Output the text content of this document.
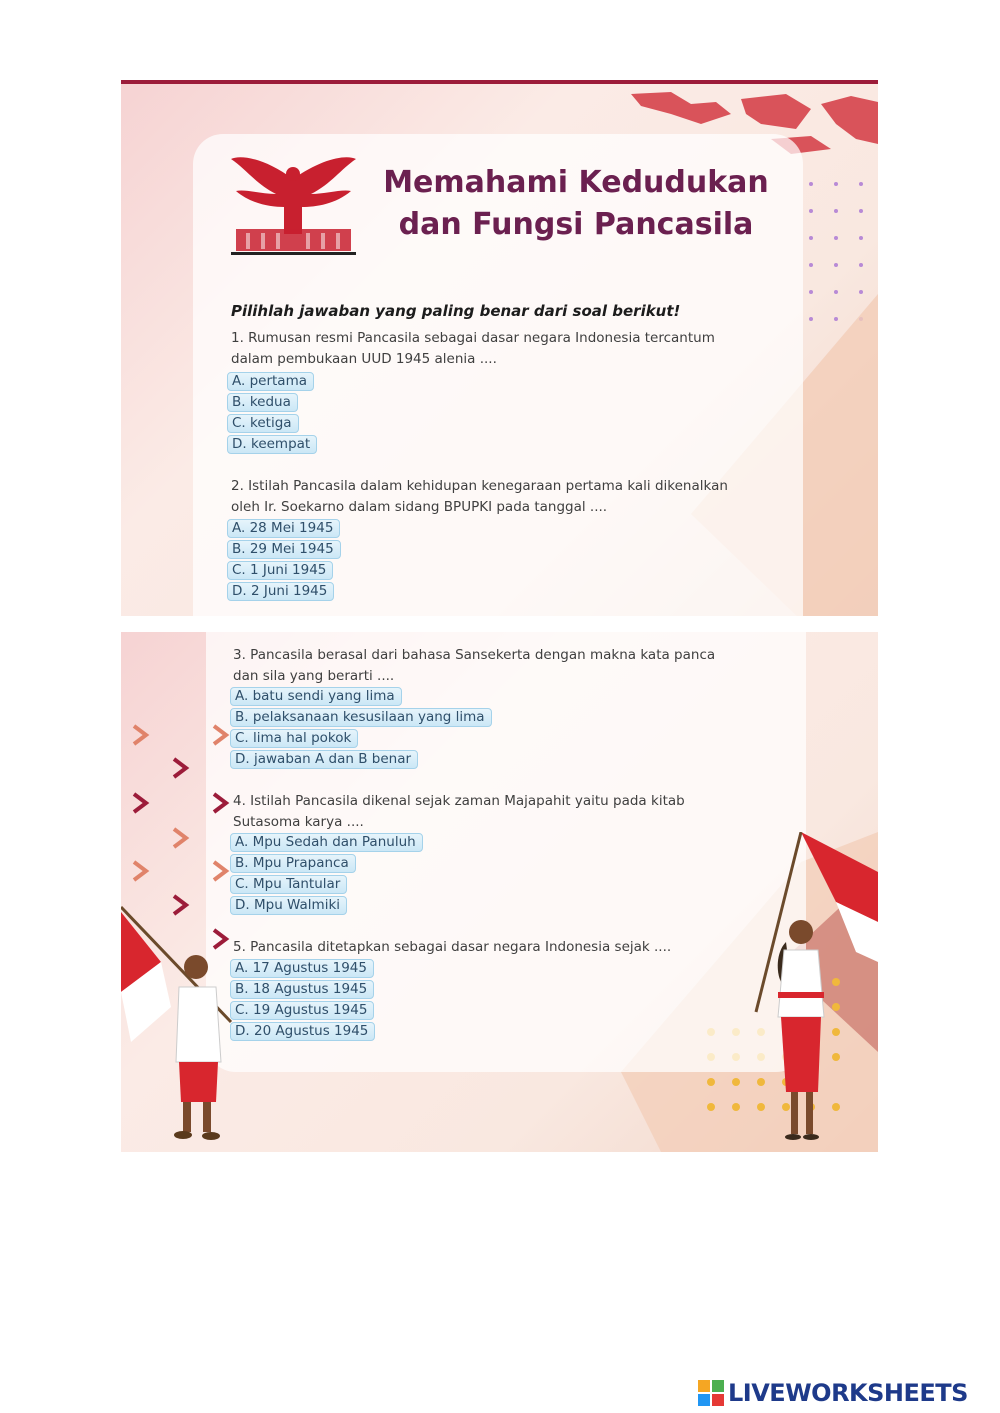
Memahami Kedudukan
dan Fungsi Pancasila
Pilihlah jawaban yang paling benar dari soal berikut!
1. Rumusan resmi Pancasila sebagai dasar negara Indonesia tercantum
dalam pembukaan UUD 1945 alenia ....
A. pertama
B. kedua
C. ketiga
D. keempat
2. Istilah Pancasila dalam kehidupan kenegaraan pertama kali dikenalkan
oleh Ir. Soekarno dalam sidang BPUPKI pada tanggal ....
A. 28 Mei 1945
B. 29 Mei 1945
C. 1 Juni 1945
D. 2 Juni 1945
3. Pancasila berasal dari bahasa Sansekerta dengan makna kata panca
dan sila yang berarti ....
A. batu sendi yang lima
B. pelaksanaan kesusilaan yang lima
C. lima hal pokok
D. jawaban A dan B benar
4. Istilah Pancasila dikenal sejak zaman Majapahit yaitu pada kitab
Sutasoma karya ....
A. Mpu Sedah dan Panuluh
B. Mpu Prapanca
C. Mpu Tantular
D. Mpu Walmiki
5. Pancasila ditetapkan sebagai dasar negara Indonesia sejak ....
A. 17 Agustus 1945
B. 18 Agustus 1945
C. 19 Agustus 1945
D. 20 Agustus 1945
LIVEWORKSHEETS
